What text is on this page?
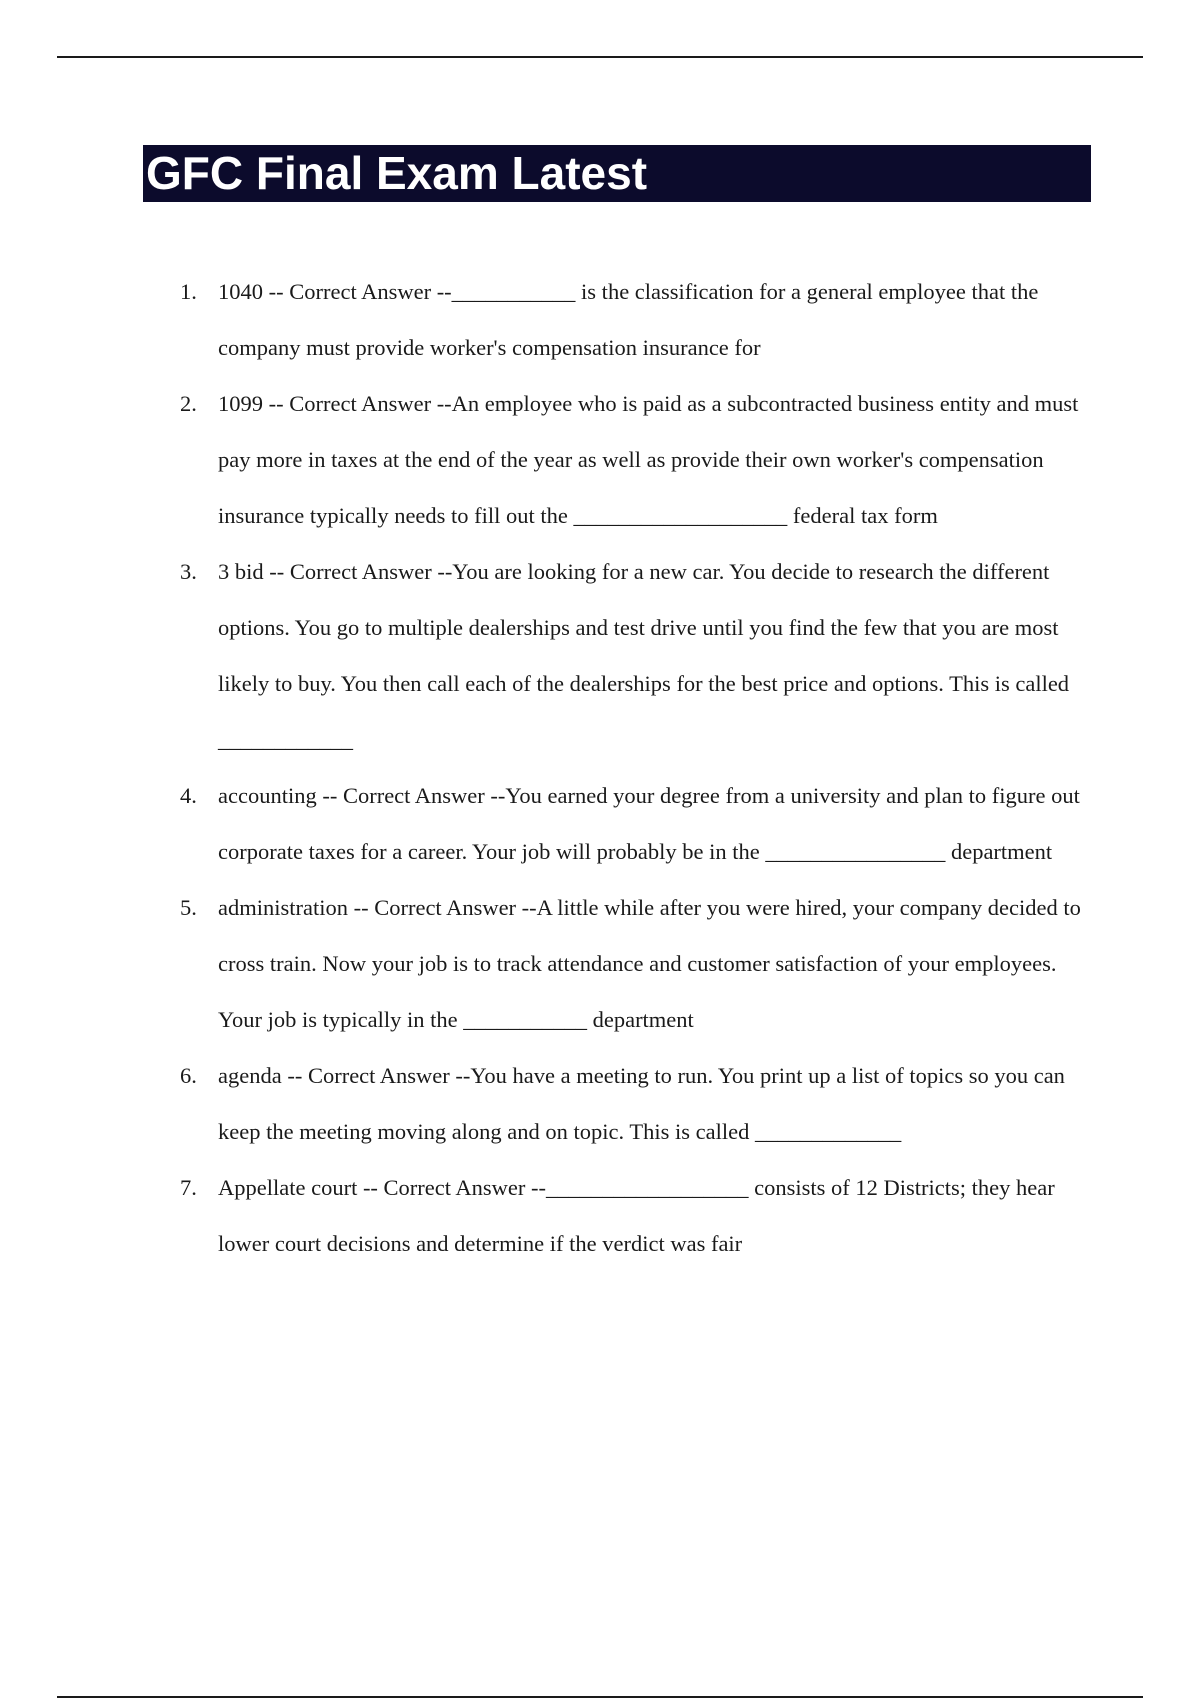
GFC Final Exam Latest
1. 1040 -- Correct Answer --___________ is the classification for a general employee that the company must provide worker's compensation insurance for
2. 1099 -- Correct Answer --An employee who is paid as a subcontracted business entity and must pay more in taxes at the end of the year as well as provide their own worker's compensation insurance typically needs to fill out the ___________________ federal tax form
3. 3 bid -- Correct Answer --You are looking for a new car. You decide to research the different options. You go to multiple dealerships and test drive until you find the few that you are most likely to buy. You then call each of the dealerships for the best price and options. This is called ____________
4. accounting -- Correct Answer --You earned your degree from a university and plan to figure out corporate taxes for a career. Your job will probably be in the ________________ department
5. administration -- Correct Answer --A little while after you were hired, your company decided to cross train. Now your job is to track attendance and customer satisfaction of your employees. Your job is typically in the ___________ department
6. agenda -- Correct Answer --You have a meeting to run. You print up a list of topics so you can keep the meeting moving along and on topic. This is called _____________
7. Appellate court -- Correct Answer --__________________ consists of 12 Districts; they hear lower court decisions and determine if the verdict was fair
